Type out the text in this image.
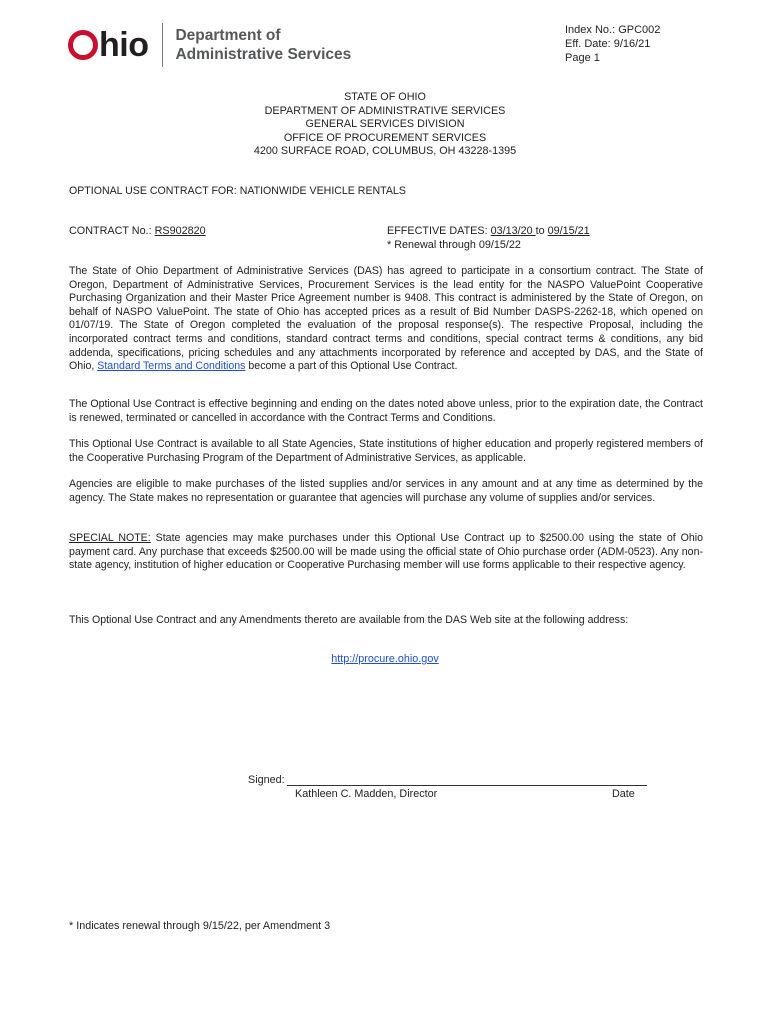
hio Department of
Administrative Services
Index No.: GPC002
Eff. Date: 9/16/21
Page 1
STATE OF OHIO
DEPARTMENT OF ADMINISTRATIVE SERVICES
GENERAL SERVICES DIVISION
OFFICE OF PROCUREMENT SERVICES
4200 SURFACE ROAD, COLUMBUS, OH 43228-1395
OPTIONAL USE CONTRACT FOR: NATIONWIDE VEHICLE RENTALS
CONTRACT No.: RS902820	EFFECTIVE DATES: 03/13/20 to 09/15/21
* Renewal through 09/15/22
The State of Ohio Department of Administrative Services (DAS) has agreed to participate in a consortium contract. The State of Oregon, Department of Administrative Services, Procurement Services is the lead entity for the NASPO ValuePoint Cooperative Purchasing Organization and their Master Price Agreement number is 9408. This contract is administered by the State of Oregon, on behalf of NASPO ValuePoint. The state of Ohio has accepted prices as a result of Bid Number DASPS-2262-18, which opened on 01/07/19. The State of Oregon completed the evaluation of the proposal response(s). The respective Proposal, including the incorporated contract terms and conditions, standard contract terms and conditions, special contract terms & conditions, any bid addenda, specifications, pricing schedules and any attachments incorporated by reference and accepted by DAS, and the State of Ohio, Standard Terms and Conditions become a part of this Optional Use Contract.
The Optional Use Contract is effective beginning and ending on the dates noted above unless, prior to the expiration date, the Contract is renewed, terminated or cancelled in accordance with the Contract Terms and Conditions.
This Optional Use Contract is available to all State Agencies, State institutions of higher education and properly registered members of the Cooperative Purchasing Program of the Department of Administrative Services, as applicable.
Agencies are eligible to make purchases of the listed supplies and/or services in any amount and at any time as determined by the agency. The State makes no representation or guarantee that agencies will purchase any volume of supplies and/or services.
SPECIAL NOTE: State agencies may make purchases under this Optional Use Contract up to $2500.00 using the state of Ohio payment card. Any purchase that exceeds $2500.00 will be made using the official state of Ohio purchase order (ADM-0523). Any non-state agency, institution of higher education or Cooperative Purchasing member will use forms applicable to their respective agency.
This Optional Use Contract and any Amendments thereto are available from the DAS Web site at the following address:
http://procure.ohio.gov
Signed:
Kathleen C. Madden, Director	Date
* Indicates renewal through 9/15/22, per Amendment 3
